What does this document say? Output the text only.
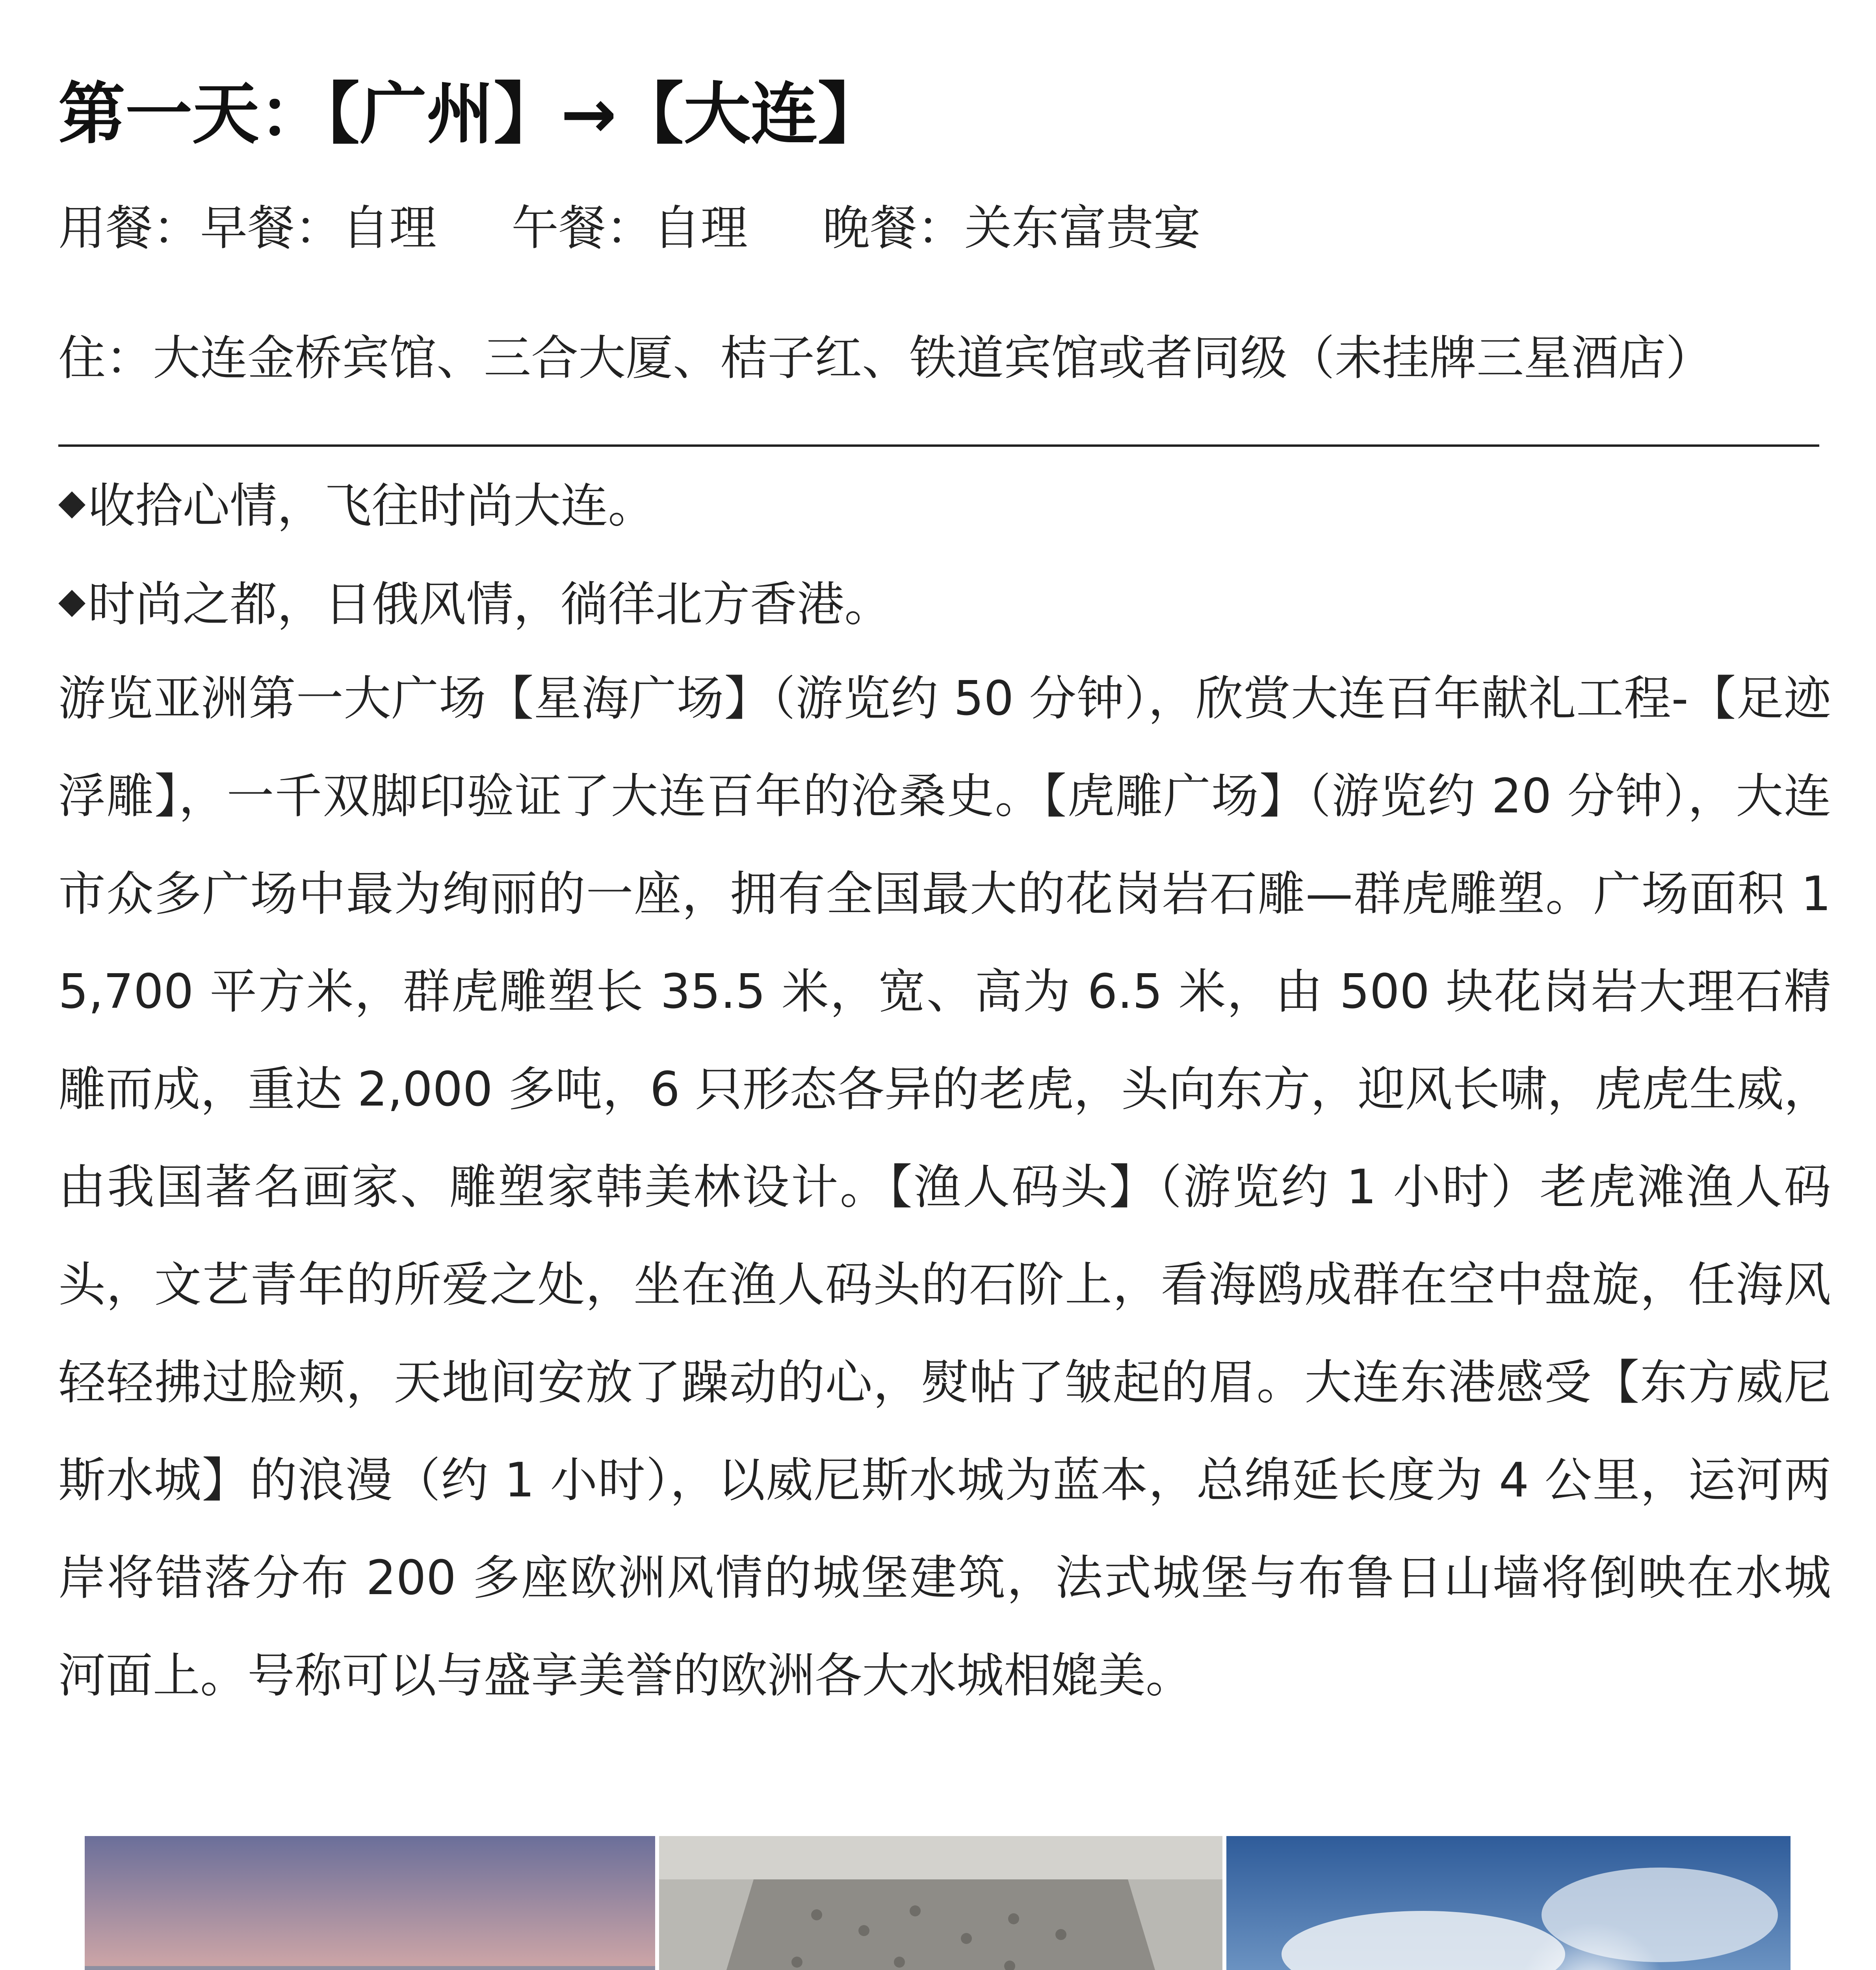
第一天：【广州】→【大连】
用餐：早餐：自理 午餐：自理 晚餐：关东富贵宴
住：大连金桥宾馆、三合大厦、桔子红、铁道宾馆或者同级（未挂牌三星酒店）
◆收拾心情，飞往时尚大连。
◆时尚之都，日俄风情，徜徉北方香港。
游览亚洲第一大广场【星海广场】（游览约 50 分钟），欣赏大连百年献礼工程-【足迹浮雕】，一千双脚印验证了大连百年的沧桑史。【虎雕广场】（游览约 20 分钟），大连市众多广场中最为绚丽的一座，拥有全国最大的花岗岩石雕—群虎雕塑。广场面积 15,700 平方米，群虎雕塑长 35.5 米，宽、高为 6.5 米，由 500 块花岗岩大理石精雕而成，重达 2,000 多吨，6 只形态各异的老虎，头向东方，迎风长啸，虎虎生威，由我国著名画家、雕塑家韩美林设计。【渔人码头】（游览约 1 小时）老虎滩渔人码头，文艺青年的所爱之处，坐在渔人码头的石阶上，看海鸥成群在空中盘旋，任海风轻轻拂过脸颊，天地间安放了躁动的心，熨帖了皱起的眉。大连东港感受【东方威尼斯水城】的浪漫（约 1 小时），以威尼斯水城为蓝本，总绵延长度为 4 公里，运河两岸将错落分布 200 多座欧洲风情的城堡建筑，法式城堡与布鲁日山墙将倒映在水城河面上。号称可以与盛享美誉的欧洲各大水城相媲美。
